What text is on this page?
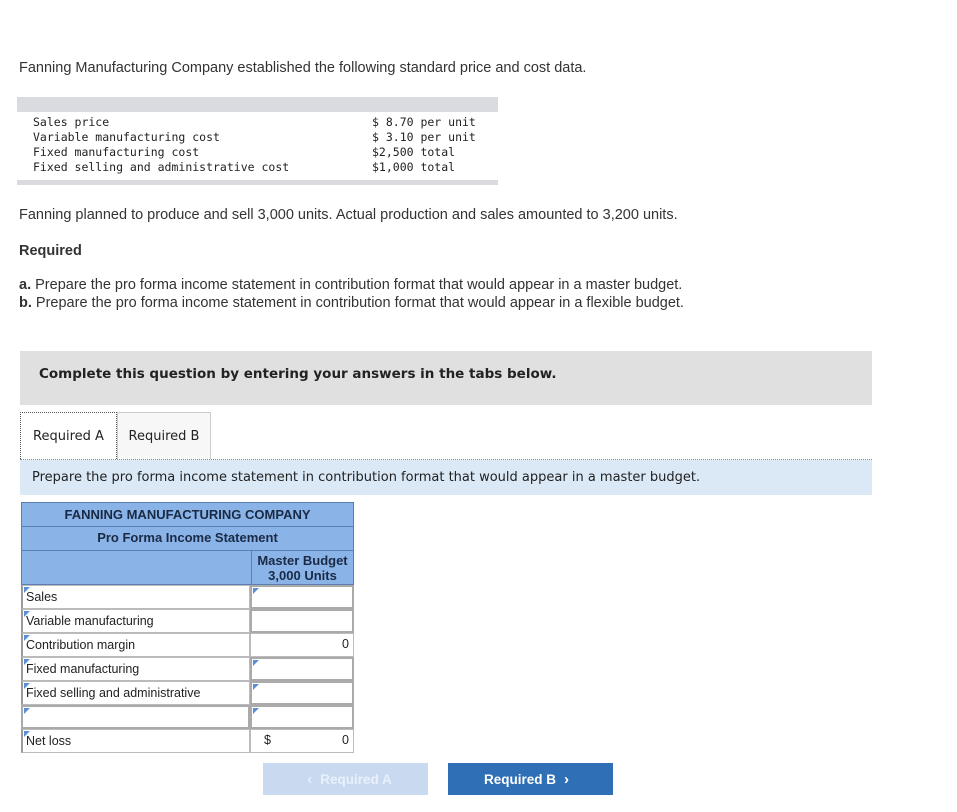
Fanning Manufacturing Company established the following standard price and cost data.
Sales price	$ 8.70 per unit
Variable manufacturing cost	$ 3.10 per unit
Fixed manufacturing cost	$2,500 total
Fixed selling and administrative cost	$1,000 total
Fanning planned to produce and sell 3,000 units. Actual production and sales amounted to 3,200 units.
Required
a. Prepare the pro forma income statement in contribution format that would appear in a master budget.
b. Prepare the pro forma income statement in contribution format that would appear in a flexible budget.
Complete this question by entering your answers in the tabs below.
Required A	Required B
Prepare the pro forma income statement in contribution format that would appear in a master budget.
FANNING MANUFACTURING COMPANY
Pro Forma Income Statement
Master Budget
3,000 Units
Sales
Variable manufacturing
Contribution margin	0
Fixed manufacturing
Fixed selling and administrative
Net loss	$	0
‹ Required A	Required B ›
